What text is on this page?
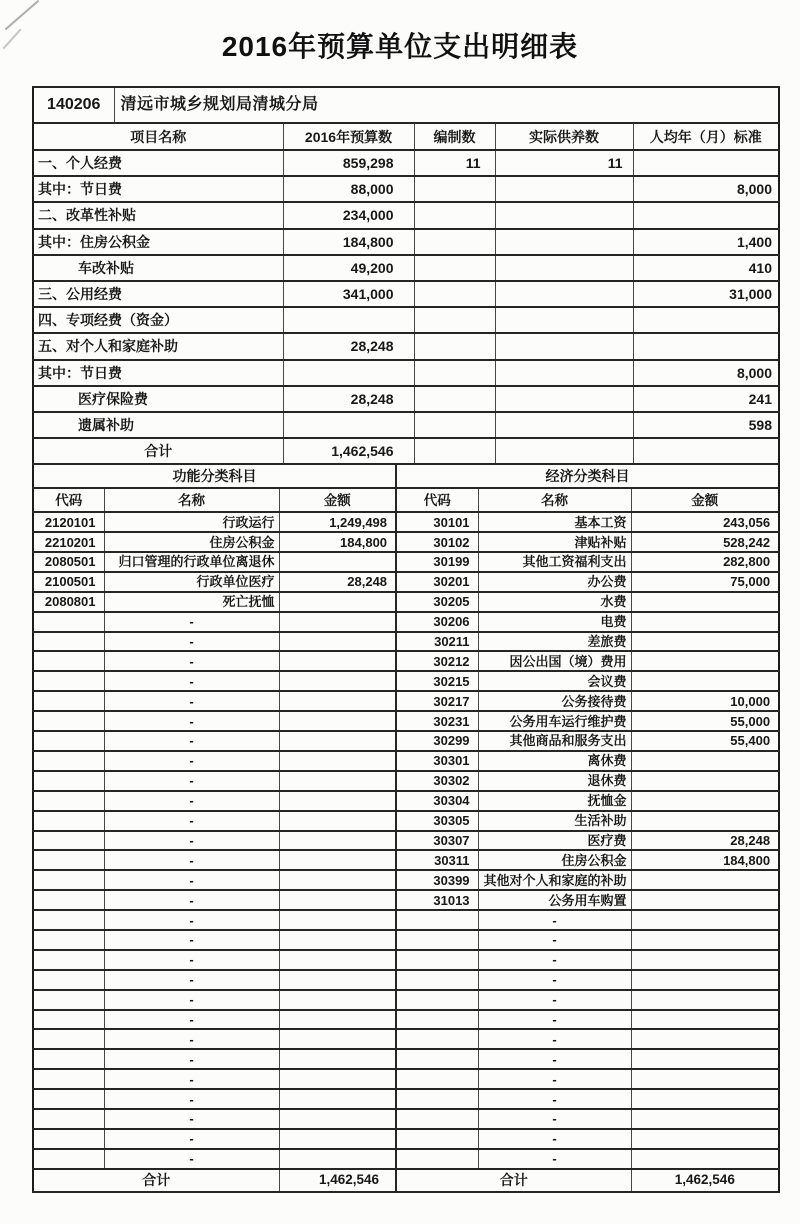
2016年预算单位支出明细表
140206	清远市城乡规划局清城分局
项目名称	2016年预算数	编制数	实际供养数	人均年（月）标准
一、个人经费	859,298	11	11	
其中：节日费	88,000			8,000
二、改革性补贴	234,000			
其中：住房公积金	184,800			1,400
车改补贴	49,200			410
三、公用经费	341,000			31,000
四、专项经费（资金）				
五、对个人和家庭补助	28,248			
其中：节日费				8,000
医疗保险费	28,248			241
遗属补助				598
合计	1,462,546			
功能分类科目			经济分类科目		
代码	名称	金额	代码	名称	金额
2120101	行政运行	1,249,498	30101	基本工资	243,056
2210201	住房公积金	184,800	30102	津贴补贴	528,242
2080501	归口管理的行政单位离退休		30199	其他工资福利支出	282,800
2100501	行政单位医疗	28,248	30201	办公费	75,000
2080801	死亡抚恤		30205	水费	
	-		30206	电费	
	-		30211	差旅费	
	-		30212	因公出国（境）费用	
	-		30215	会议费	
	-		30217	公务接待费	10,000
	-		30231	公务用车运行维护费	55,000
	-		30299	其他商品和服务支出	55,400
	-		30301	离休费	
	-		30302	退休费	
	-		30304	抚恤金	
	-		30305	生活补助	
	-		30307	医疗费	28,248
	-		30311	住房公积金	184,800
	-		30399	其他对个人和家庭的补助	
	-		31013	公务用车购置	
	-			-	
	-			-	
	-			-	
	-			-	
	-			-	
	-			-	
	-			-	
	-			-	
	-			-	
	-			-	
	-			-	
	-			-	
	-			-	
合计		1,462,546	合计		1,462,546
